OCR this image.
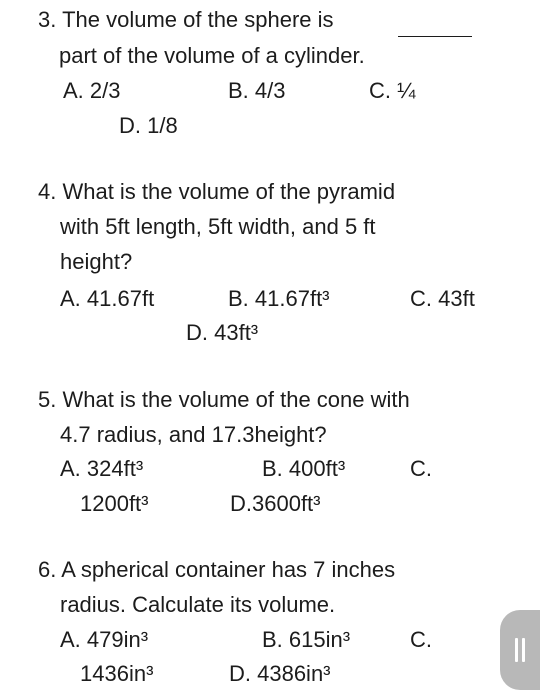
3. The volume of the sphere is
part of the volume of a cylinder.
A. 2/3	B. 4/3	C. ¼
D. 1/8
4. What is the volume of the pyramid
with 5ft length, 5ft width, and 5 ft
height?
A. 41.67ft	B. 41.67ft³	C. 43ft
D. 43ft³
5. What is the volume of the cone with
4.7 radius, and 17.3height?
A. 324ft³	B. 400ft³	C.
1200ft³	D.3600ft³
6. A spherical container has 7 inches
radius. Calculate its volume.
A. 479in³	B. 615in³	C.
1436in³	D. 4386in³
